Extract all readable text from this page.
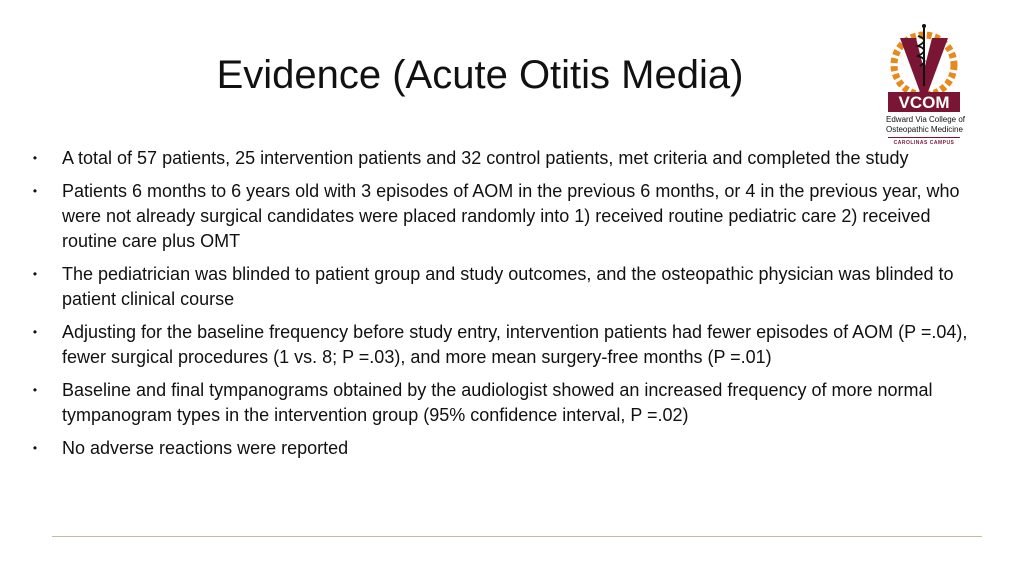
Evidence (Acute Otitis Media)
VCOM
Edward Via College of
Osteopathic Medicine
CAROLINAS CAMPUS
• A total of 57 patients, 25 intervention patients and 32 control patients, met criteria and completed the study
• Patients 6 months to 6 years old with 3 episodes of AOM in the previous 6 months, or 4 in the previous year, who were not already surgical candidates were placed randomly into 1) received routine pediatric care 2) received routine care plus OMT
• The pediatrician was blinded to patient group and study outcomes, and the osteopathic physician was blinded to patient clinical course
• Adjusting for the baseline frequency before study entry, intervention patients had fewer episodes of AOM (P =.04), fewer surgical procedures (1 vs. 8; P =.03), and more mean surgery-free months (P =.01)
• Baseline and final tympanograms obtained by the audiologist showed an increased frequency of more normal tympanogram types in the intervention group (95% confidence interval, P =.02)
• No adverse reactions were reported
